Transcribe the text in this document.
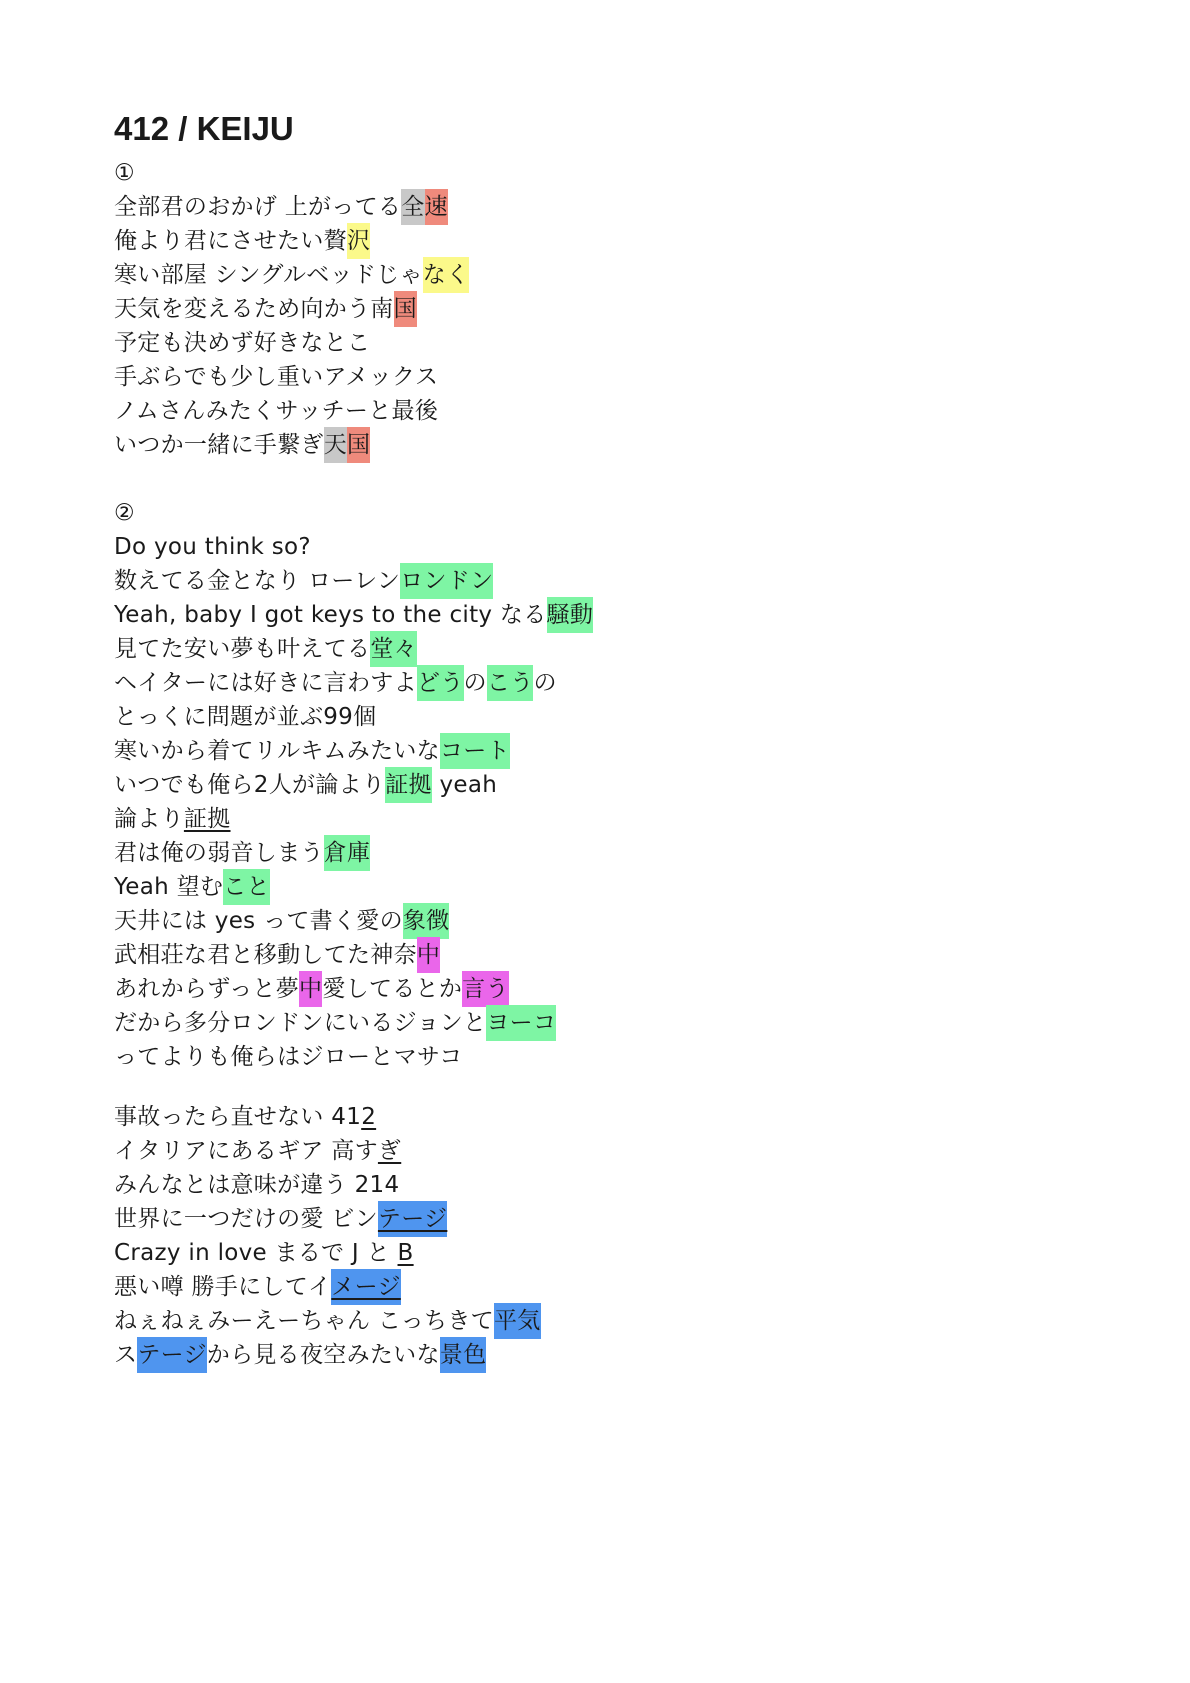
412 / KEIJU
①
全部君のおかげ 上がってる全速
俺より君にさせたい贅沢
寒い部屋 シングルベッドじゃなく
天気を変えるため向かう南国
予定も決めず好きなとこ
手ぶらでも少し重いアメックス
ノムさんみたくサッチーと最後
いつか一緒に手繋ぎ天国
②
Do you think so?
数えてる金となり ローレンロンドン
Yeah, baby I got keys to the city なる騒動
見てた安い夢も叶えてる堂々
ヘイターには好きに言わすよどうのこうの
とっくに問題が並ぶ99個
寒いから着てリルキムみたいなコート
いつでも俺ら2人が論より証拠 yeah
論より証拠
君は俺の弱音しまう倉庫
Yeah 望むこと
天井には yes って書く愛の象徴
武相荘な君と移動してた神奈中
あれからずっと夢中愛してるとか言う
だから多分ロンドンにいるジョンとヨーコ
ってよりも俺らはジローとマサコ
事故ったら直せない 412
イタリアにあるギア 高すぎ
みんなとは意味が違う 214
世界に一つだけの愛 ビンテージ
Crazy in love まるで J と B
悪い噂 勝手にしてイメージ
ねぇねぇみーえーちゃん こっちきて平気
ステージから見る夜空みたいな景色
